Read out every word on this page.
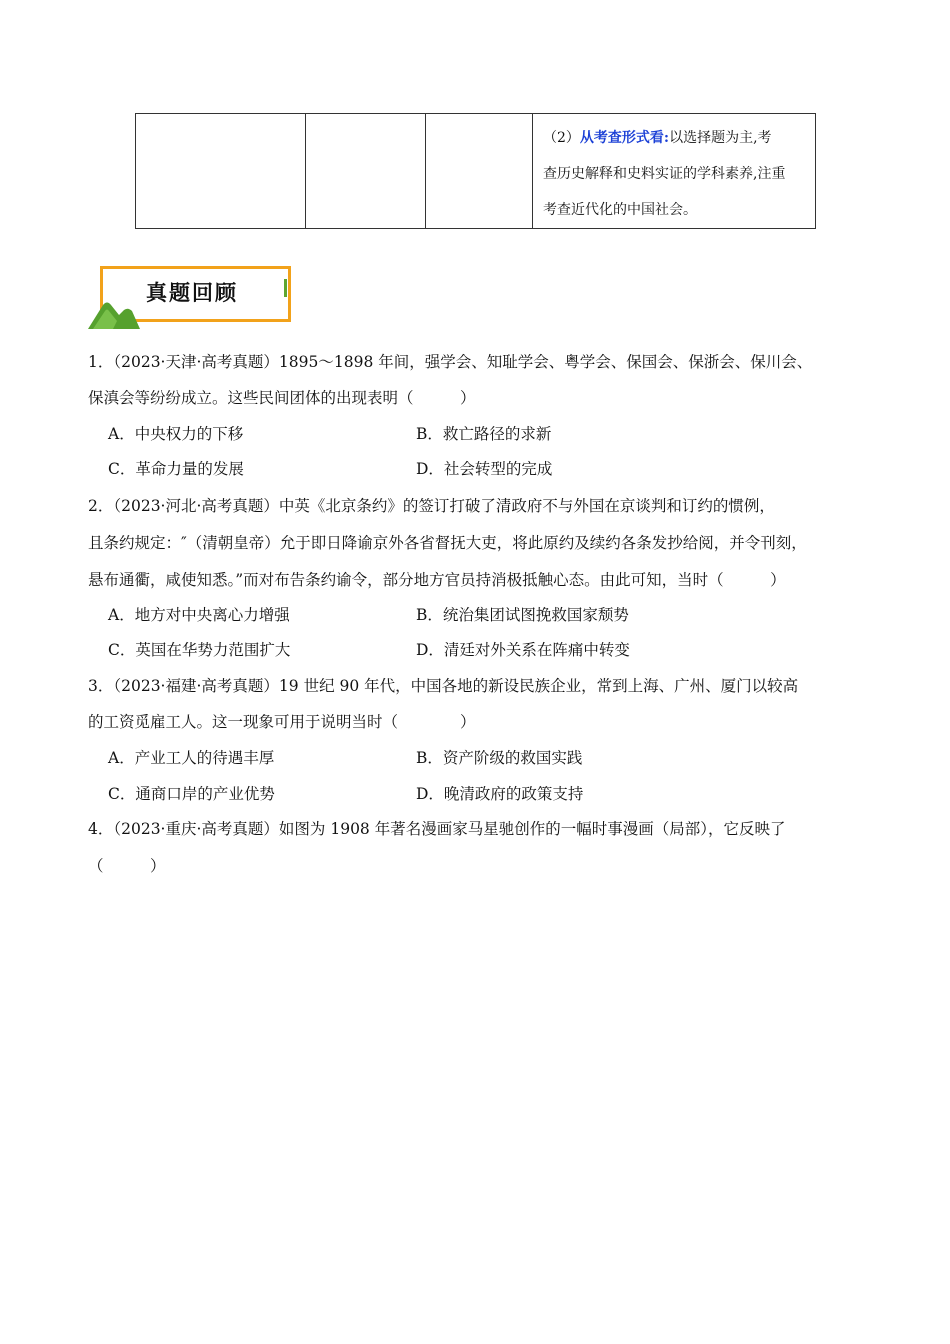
			（2）从考查形式看:以选择题为主,考
查历史解释和史料实证的学科素养,注重
考查近代化的中国社会。
真题回顾
1．（2023·天津·高考真题）1895～1898 年间，强学会、知耻学会、粤学会、保国会、保浙会、保川会、
保滇会等纷纷成立。这些民间团体的出现表明（　　　）
A．中央权力的下移	B．救亡路径的求新
C．革命力量的发展	D．社会转型的完成
2．（2023·河北·高考真题）中英《北京条约》的签订打破了清政府不与外国在京谈判和订约的惯例，
且条约规定：″（清朝皇帝）允于即日降谕京外各省督抚大吏，将此原约及续约各条发抄给阅，并令刊刻，
悬布通衢，咸使知悉。”而对布告条约谕令，部分地方官员持消极抵触心态。由此可知，当时（　　　）
A．地方对中央离心力增强	B．统治集团试图挽救国家颓势
C．英国在华势力范围扩大	D．清廷对外关系在阵痛中转变
3．（2023·福建·高考真题）19 世纪 90 年代，中国各地的新设民族企业，常到上海、广州、厦门以较高
的工资觅雇工人。这一现象可用于说明当时（　　　　）
A．产业工人的待遇丰厚	B．资产阶级的救国实践
C．通商口岸的产业优势	D．晚清政府的政策支持
4．（2023·重庆·高考真题）如图为 1908 年著名漫画家马星驰创作的一幅时事漫画（局部），它反映了
（　　　）
